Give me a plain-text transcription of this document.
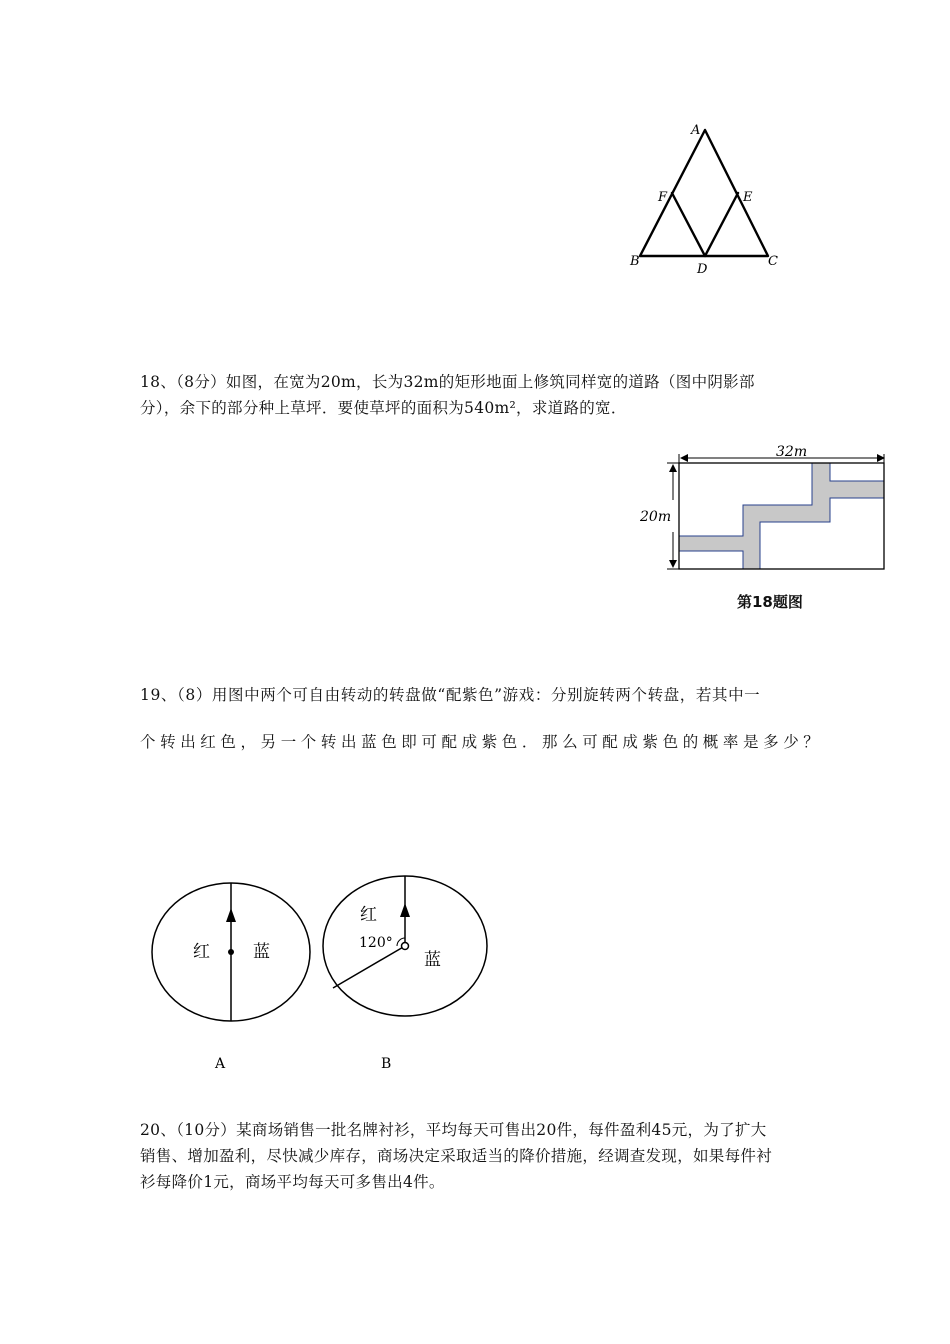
A
F	E
B
D
C
18、（8分）如图，在宽为20m，长为32m的矩形地面上修筑同样宽的道路（图中阴影部
分），余下的部分种上草坪．要使草坪的面积为540m²，求道路的宽．
32m
20m
第18题图
19、（8）用图中两个可自由转动的转盘做“配紫色”游戏：分别旋转两个转盘，若其中一
个转出红色，另一个转出蓝色即可配成紫色．那么可配成紫色的概率是多少？
红	蓝
A
红
120°
蓝
B
20、（10分）某商场销售一批名牌衬衫，平均每天可售出20件，每件盈利45元，为了扩大
销售、增加盈利，尽快减少库存，商场决定采取适当的降价措施，经调查发现，如果每件衬
衫每降价1元，商场平均每天可多售出4件。
